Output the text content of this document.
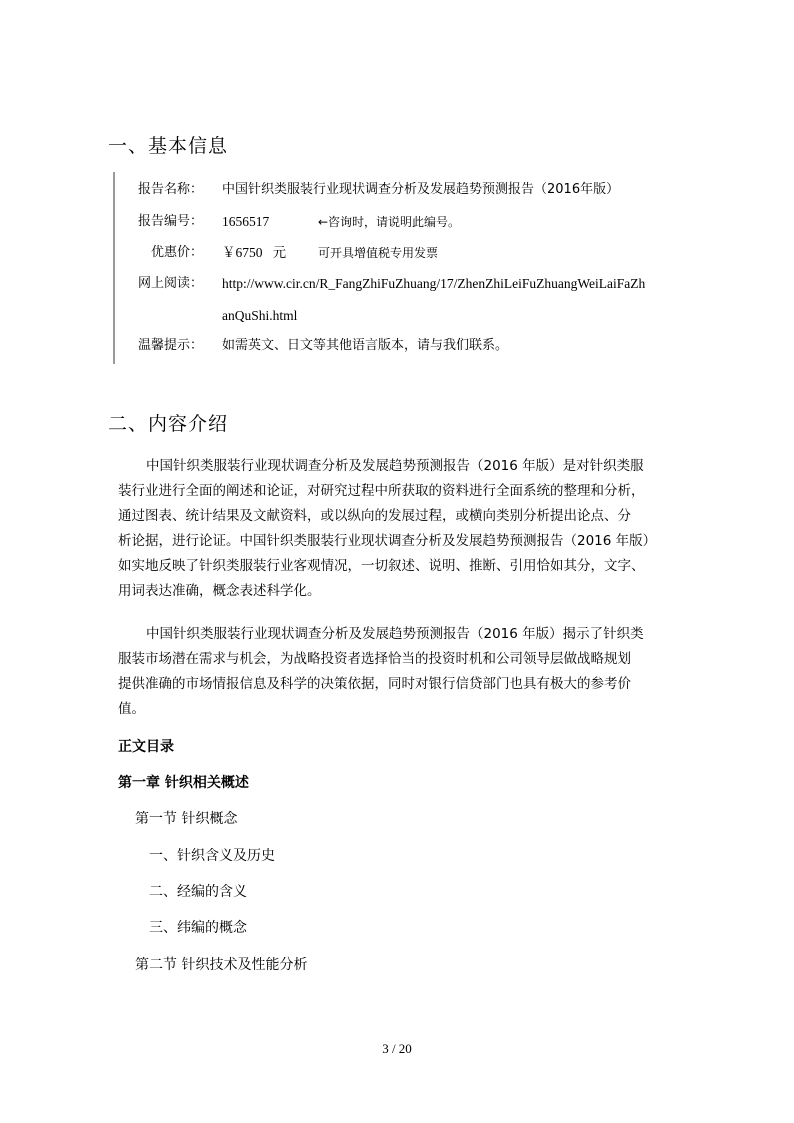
一、基本信息
报告名称： 中国针织类服装行业现状调查分析及发展趋势预测报告（2016年版）
报告编号： 1656517	←咨询时，请说明此编号。
优惠价： ￥6750   元	可开具增值税专用发票
网上阅读： http://www.cir.cn/R_FangZhiFuZhuang/17/ZhenZhiLeiFuZhuangWeiLaiFaZh
anQuShi.html
温馨提示： 如需英文、日文等其他语言版本，请与我们联系。
二、内容介绍
中国针织类服装行业现状调查分析及发展趋势预测报告（2016 年版）是对针织类服
装行业进行全面的阐述和论证，对研究过程中所获取的资料进行全面系统的整理和分析，
通过图表、统计结果及文献资料，或以纵向的发展过程，或横向类别分析提出论点、分
析论据，进行论证。中国针织类服装行业现状调查分析及发展趋势预测报告（2016 年版）
如实地反映了针织类服装行业客观情况，一切叙述、说明、推断、引用恰如其分，文字、
用词表达准确，概念表述科学化。
中国针织类服装行业现状调查分析及发展趋势预测报告（2016 年版）揭示了针织类
服装市场潜在需求与机会，为战略投资者选择恰当的投资时机和公司领导层做战略规划
提供准确的市场情报信息及科学的决策依据，同时对银行信贷部门也具有极大的参考价
值。
正文目录
第一章 针织相关概述
第一节 针织概念
一、针织含义及历史
二、经编的含义
三、纬编的概念
第二节 针织技术及性能分析
3 / 20
